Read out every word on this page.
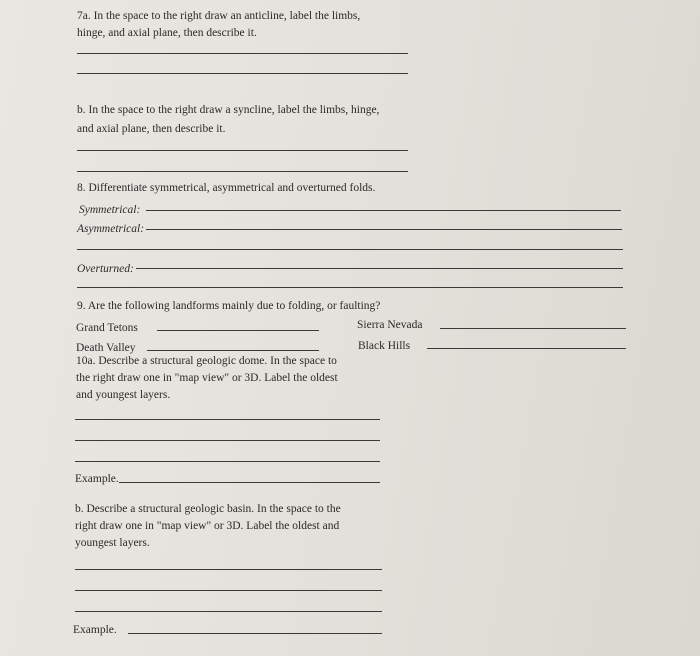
7a. In the space to the right draw an anticline, label the limbs,
hinge, and axial plane, then describe it.
b. In the space to the right draw a syncline, label the limbs, hinge,
and axial plane, then describe it.
8. Differentiate symmetrical, asymmetrical and overturned folds.
Symmetrical:
Asymmetrical:
Overturned:
9. Are the following landforms mainly due to folding, or faulting?
Grand Tetons	Sierra Nevada
Death Valley	Black Hills
10a. Describe a structural geologic dome. In the space to
the right draw one in "map view" or 3D. Label the oldest
and youngest layers.
Example.
b. Describe a structural geologic basin. In the space to the
right draw one in "map view" or 3D. Label the oldest and
youngest layers.
Example.
